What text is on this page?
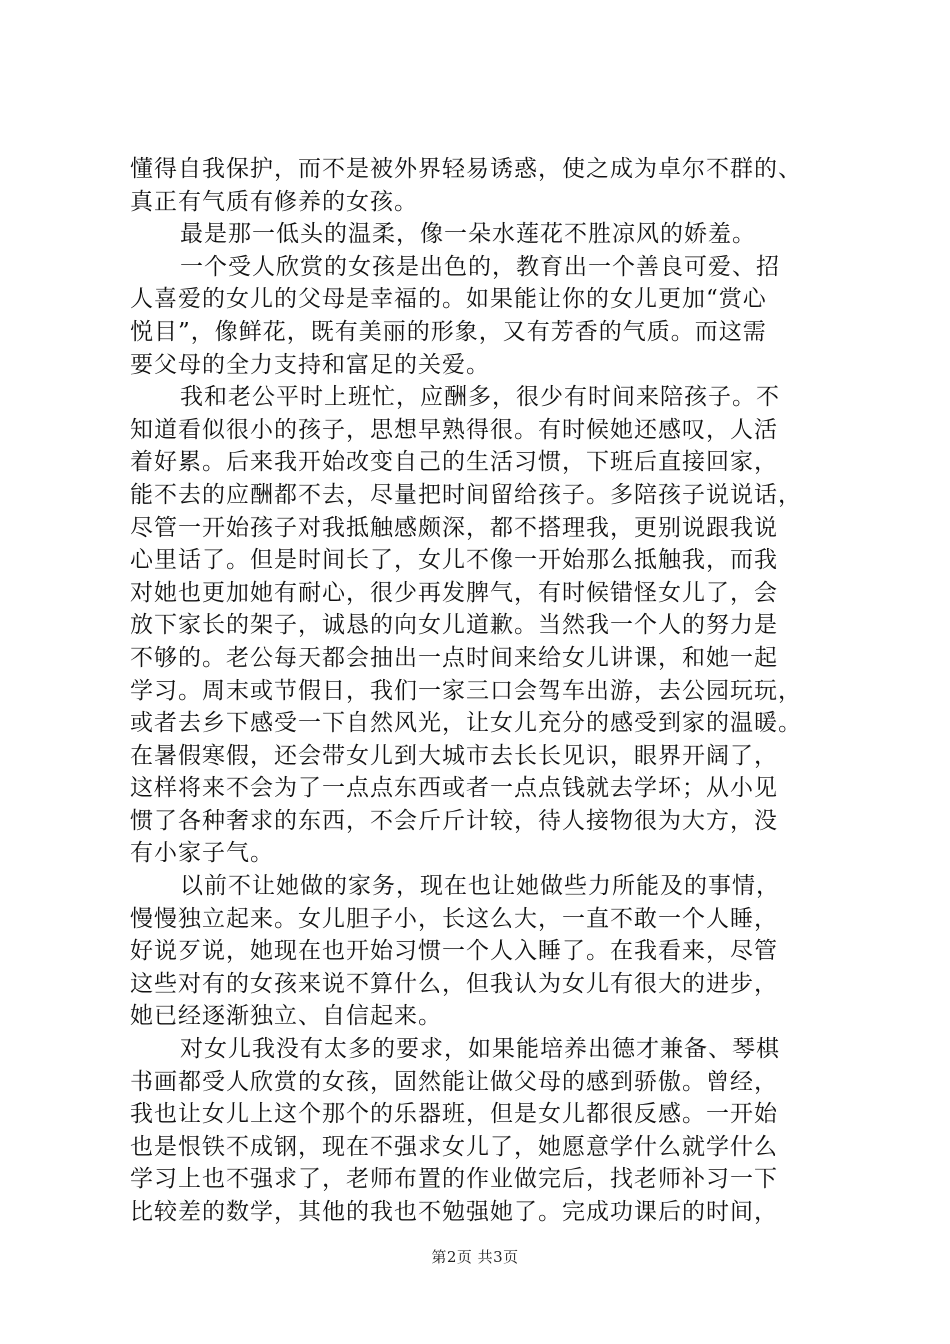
懂得自我保护，而不是被外界轻易诱惑，使之成为卓尔不群的、
真正有气质有修养的女孩。
最是那一低头的温柔，像一朵水莲花不胜凉风的娇羞。
一个受人欣赏的女孩是出色的，教育出一个善良可爱、招
人喜爱的女儿的父母是幸福的。如果能让你的女儿更加“赏心
悦目”，像鲜花，既有美丽的形象，又有芳香的气质。而这需
要父母的全力支持和富足的关爱。
我和老公平时上班忙，应酬多，很少有时间来陪孩子。不
知道看似很小的孩子，思想早熟得很。有时候她还感叹，人活
着好累。后来我开始改变自己的生活习惯，下班后直接回家，
能不去的应酬都不去，尽量把时间留给孩子。多陪孩子说说话，
尽管一开始孩子对我抵触感颇深，都不搭理我，更别说跟我说
心里话了。但是时间长了，女儿不像一开始那么抵触我，而我
对她也更加她有耐心，很少再发脾气，有时候错怪女儿了，会
放下家长的架子，诚恳的向女儿道歉。当然我一个人的努力是
不够的。老公每天都会抽出一点时间来给女儿讲课，和她一起
学习。周末或节假日，我们一家三口会驾车出游，去公园玩玩，
或者去乡下感受一下自然风光，让女儿充分的感受到家的温暖。
在暑假寒假，还会带女儿到大城市去长长见识，眼界开阔了，
这样将来不会为了一点点东西或者一点点钱就去学坏；从小见
惯了各种奢求的东西，不会斤斤计较，待人接物很为大方，没
有小家子气。
以前不让她做的家务，现在也让她做些力所能及的事情，
慢慢独立起来。女儿胆子小，长这么大，一直不敢一个人睡，
好说歹说，她现在也开始习惯一个人入睡了。在我看来，尽管
这些对有的女孩来说不算什么，但我认为女儿有很大的进步，
她已经逐渐独立、自信起来。
对女儿我没有太多的要求，如果能培养出德才兼备、琴棋
书画都受人欣赏的女孩，固然能让做父母的感到骄傲。曾经，
我也让女儿上这个那个的乐器班，但是女儿都很反感。一开始
也是恨铁不成钢，现在不强求女儿了，她愿意学什么就学什么
学习上也不强求了，老师布置的作业做完后，找老师补习一下
比较差的数学，其他的我也不勉强她了。完成功课后的时间，
第2页 共3页
